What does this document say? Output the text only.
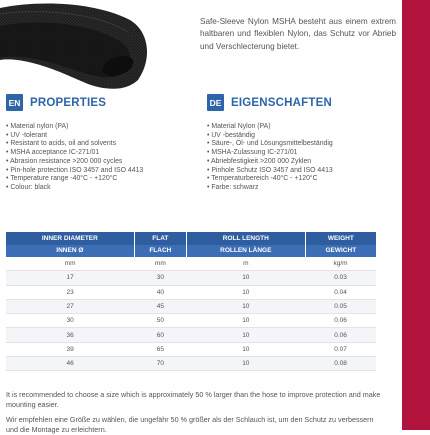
Safe-Sleeve Nylon MSHA besteht aus einem extrem haltbaren und flexiblen Nylon, das Schutz vor Abrieb und Verschlecterung bietet.
EN PROPERTIES
• Material nylon (PA)
• UV -tolerant
• Resistant to acids, oil and solvents
• MSHA acceptance IC-271/01
• Abrasion resistance >200 000 cycles
• Pin-hole protection ISO 3457 and ISO 4413
• Temperature range -40°C - +120°C
• Colour: black
DE EIGENSCHAFTEN
• Material Nylon (PA)
• UV -beständig
• Säure-, Öl- und Lösungsmittelbeständig
• MSHA-Zulassung IC-271/01
• Abriebfestigkeit >200 000 Zyklen
• Pinhole Schutz ISO 3457 and ISO 4413
• Temperaturbereich -40°C - +120°C
• Farbe: schwarz
INNER DIAMETER	FLAT	ROLL LENGTH	WEIGHT
INNEN Ø	FLACH	ROLLEN LÄNGE	GEWICHT
mm	mm	m	kg/m
17	30	10	0.03
23	40	10	0.04
27	45	10	0.05
30	50	10	0.06
36	60	10	0.06
39	65	10	0.07
46	70	10	0.08
It is recommended to choose a size which is approximately 50 % larger than the hose to improve protection and make mounting easier.
Wir empfehlen eine Größe zu wählen, die ungefähr 50 % größer als der Schlauch ist, um den Schutz zu verbessern und die Montage zu erleichtern.
